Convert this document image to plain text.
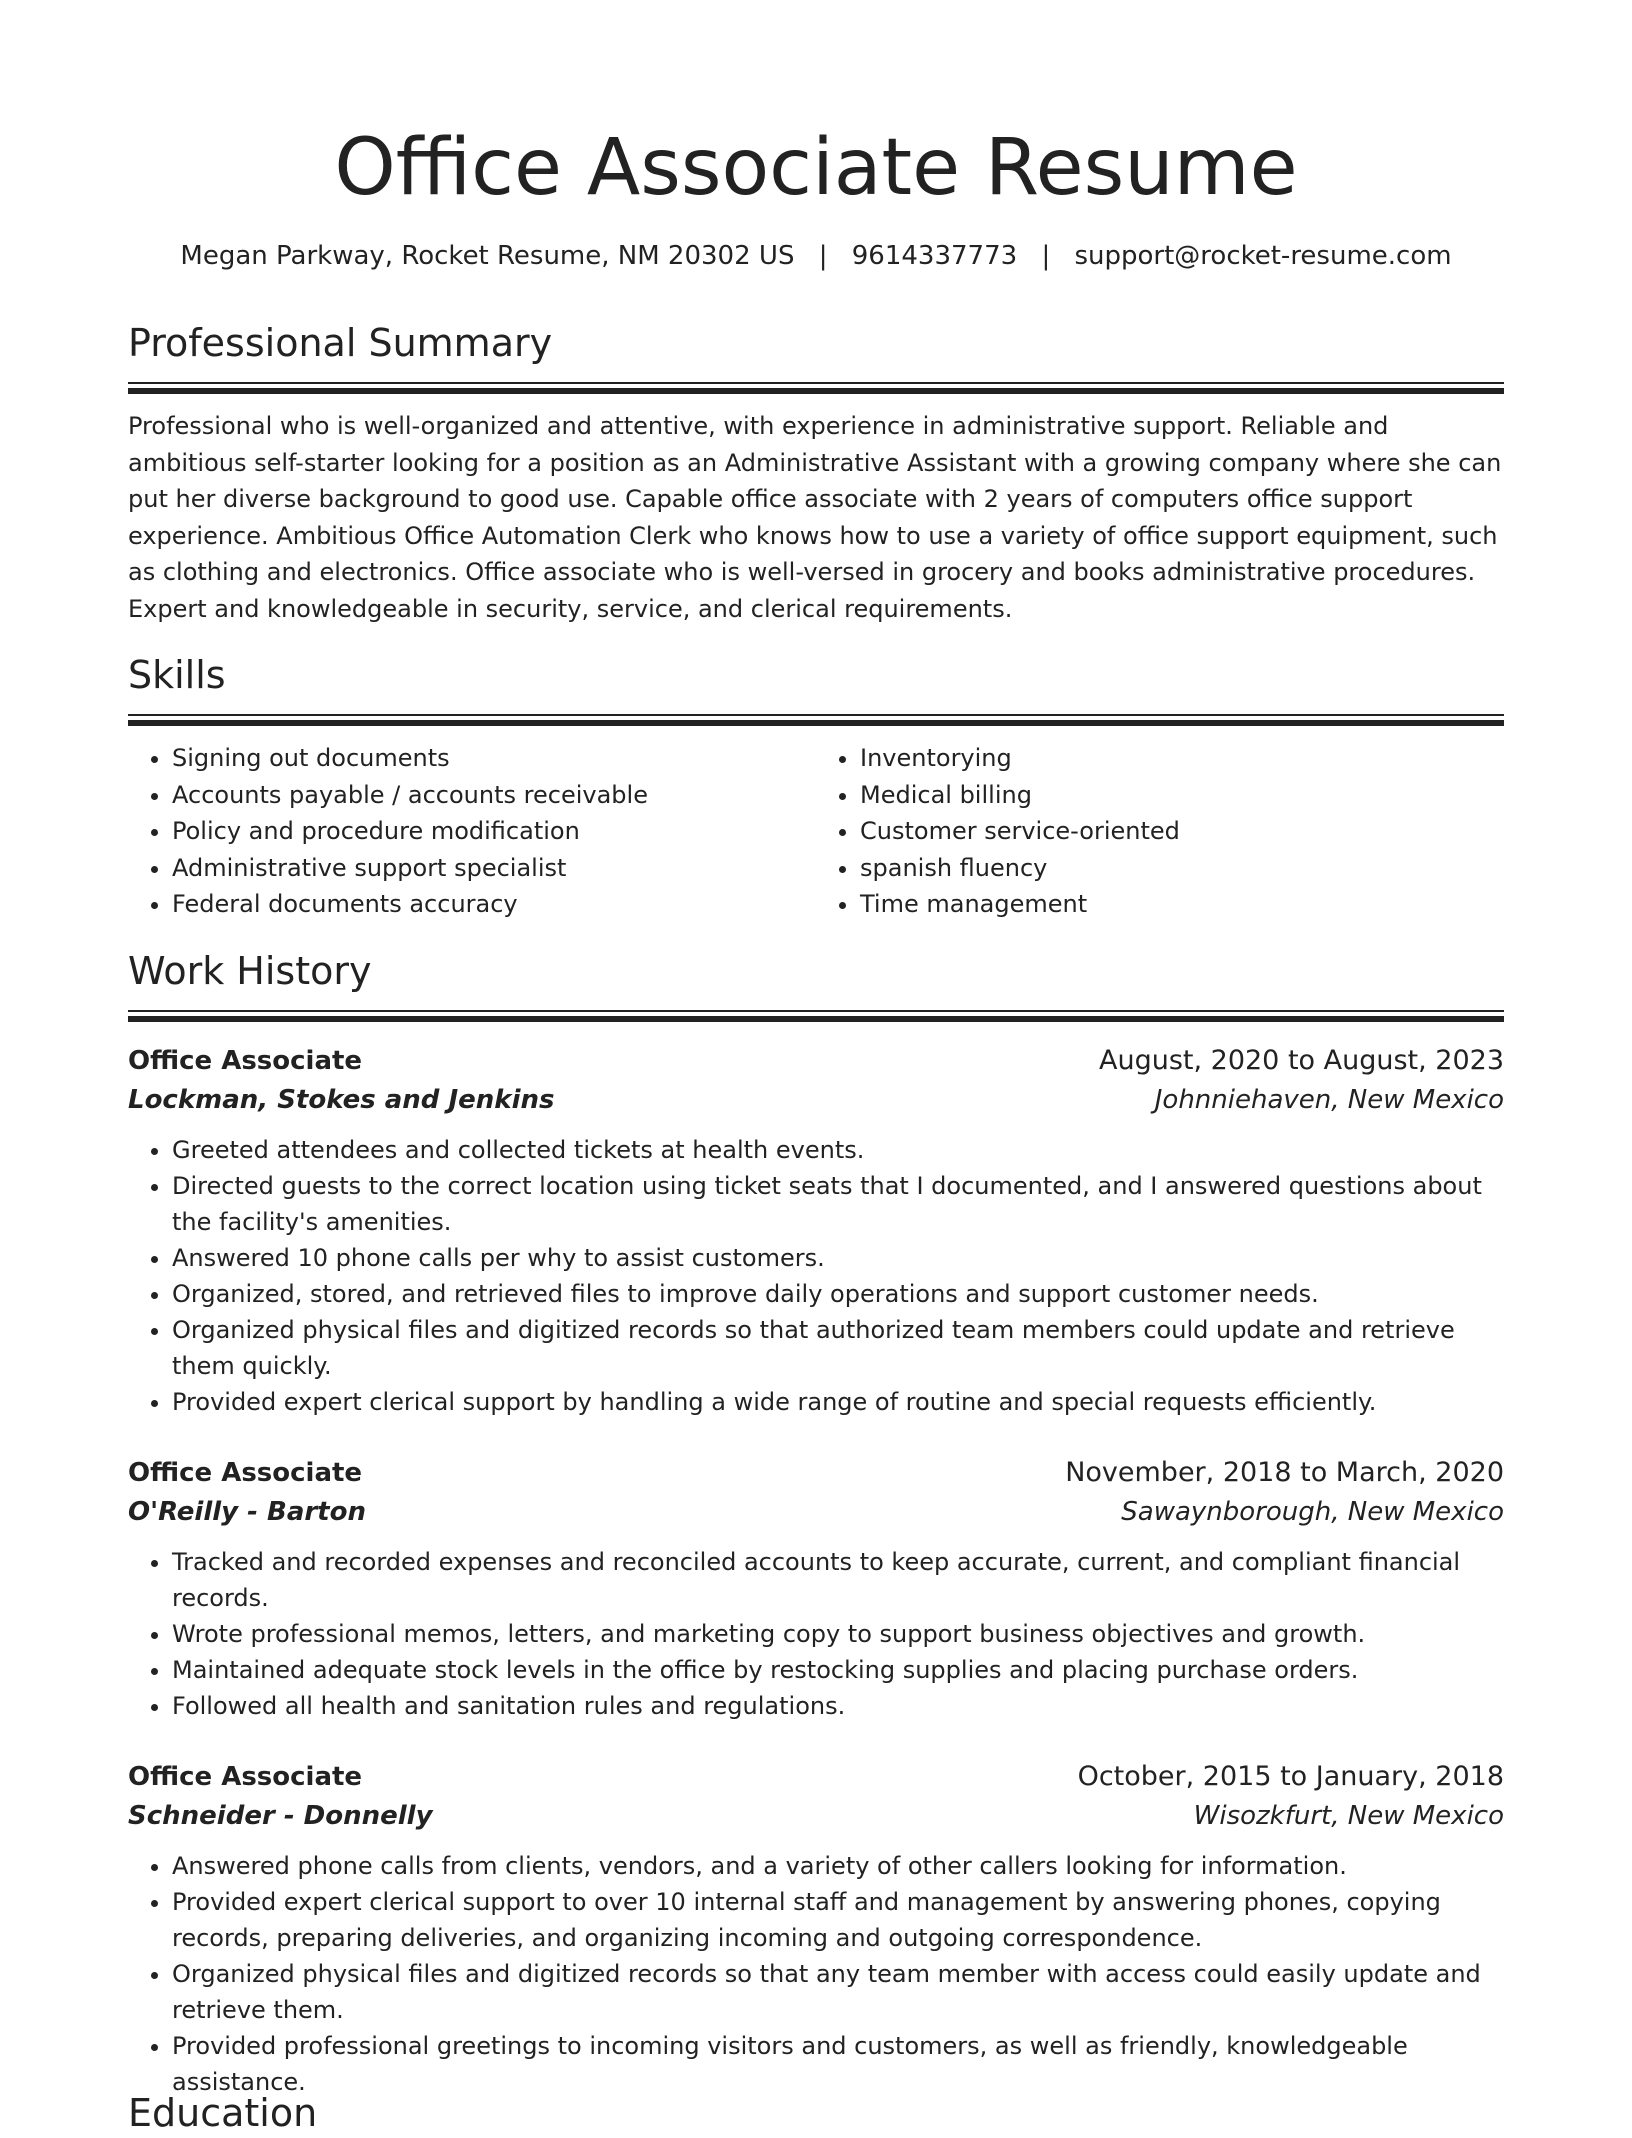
Office Associate Resume
Megan Parkway, Rocket Resume, NM 20302 US | 9614337773 | support@rocket-resume.com
Professional Summary

Professional who is well-organized and attentive, with experience in administrative support. Reliable and ambitious self-starter looking for a position as an Administrative Assistant with a growing company where she can put her diverse background to good use. Capable office associate with 2 years of computers office support experience. Ambitious Office Automation Clerk who knows how to use a variety of office support equipment, such as clothing and electronics. Office associate who is well-versed in grocery and books administrative procedures. Expert and knowledgeable in security, service, and clerical requirements.

Skills
• Signing out documents
• Accounts payable / accounts receivable
• Policy and procedure modification
• Administrative support specialist
• Federal documents accuracy
• Inventorying
• Medical billing
• Customer service-oriented
• spanish fluency
• Time management
Work History
Office Associate	August, 2020 to August, 2023
Lockman, Stokes and Jenkins	Johnniehaven, New Mexico
• Greeted attendees and collected tickets at health events.
• Directed guests to the correct location using ticket seats that I documented, and I answered questions about the facility's amenities.
• Answered 10 phone calls per why to assist customers.
• Organized, stored, and retrieved files to improve daily operations and support customer needs.
• Organized physical files and digitized records so that authorized team members could update and retrieve them quickly.
• Provided expert clerical support by handling a wide range of routine and special requests efficiently.
Office Associate	November, 2018 to March, 2020
O'Reilly - Barton	Sawaynborough, New Mexico
• Tracked and recorded expenses and reconciled accounts to keep accurate, current, and compliant financial records.
• Wrote professional memos, letters, and marketing copy to support business objectives and growth.
• Maintained adequate stock levels in the office by restocking supplies and placing purchase orders.
• Followed all health and sanitation rules and regulations.
Office Associate	October, 2015 to January, 2018
Schneider - Donnelly	Wisozkfurt, New Mexico
• Answered phone calls from clients, vendors, and a variety of other callers looking for information.
• Provided expert clerical support to over 10 internal staff and management by answering phones, copying records, preparing deliveries, and organizing incoming and outgoing correspondence.
• Organized physical files and digitized records so that any team member with access could easily update and retrieve them.
• Provided professional greetings to incoming visitors and customers, as well as friendly, knowledgeable assistance.
Education
